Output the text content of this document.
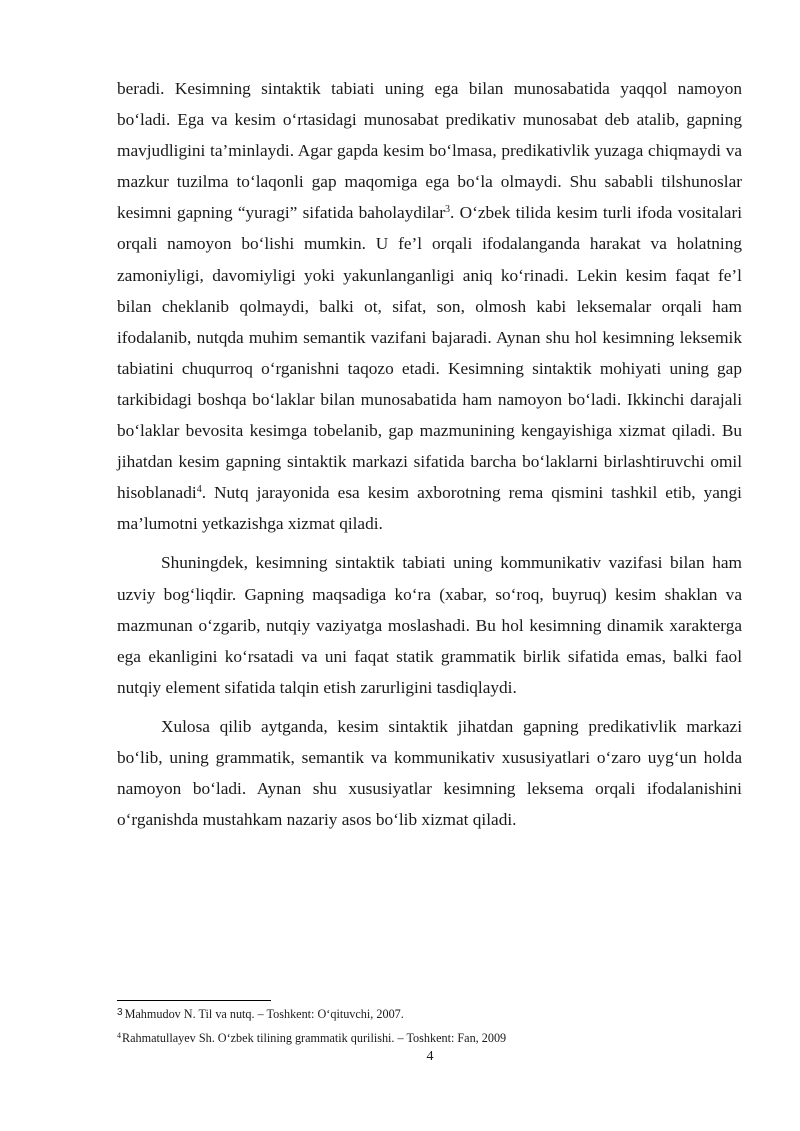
beradi. Kesimning sintaktik tabiati uning ega bilan munosabatida yaqqol namoyon bo‘ladi. Ega va kesim o‘rtasidagi munosabat predikativ munosabat deb atalib, gapning mavjudligini ta’minlaydi. Agar gapda kesim bo‘lmasa, predikativlik yuzaga chiqmaydi va mazkur tuzilma to‘laqonli gap maqomiga ega bo‘la olmaydi. Shu sababli tilshunoslar kesimni gapning “yuragi” sifatida baholaydilar$^3$. O‘zbek tilida kesim turli ifoda vositalari orqali namoyon bo‘lishi mumkin. U fe’l orqali ifodalanganda harakat va holatning zamoniyligi, davomiyligi yoki yakunlanganligi aniq ko‘rinadi. Lekin kesim faqat fe’l bilan cheklanib qolmaydi, balki ot, sifat, son, olmosh kabi leksemalar orqali ham ifodalanib, nutqda muhim semantik vazifani bajaradi. Aynan shu hol kesimning leksemik tabiatini chuqurroq o‘rganishni taqozo etadi. Kesimning sintaktik mohiyati uning gap tarkibidagi boshqa bo‘laklar bilan munosabatida ham namoyon bo‘ladi. Ikkinchi darajali bo‘laklar bevosita kesimga tobelanib, gap mazmunining kengayishiga xizmat qiladi. Bu jihatdan kesim gapning sintaktik markazi sifatida barcha bo‘laklarni birlashtiruvchi omil hisoblanadi$^4$. Nutq jarayonida esa kesim axborotning rema qismini tashkil etib, yangi ma’lumotni yetkazishga xizmat qiladi.

Shuningdek, kesimning sintaktik tabiati uning kommunikativ vazifasi bilan ham uzviy bog‘liqdir. Gapning maqsadiga ko‘ra (xabar, so‘roq, buyruq) kesim shaklan va mazmunan o‘zgarib, nutqiy vaziyatga moslashadi. Bu hol kesimning dinamik xarakterga ega ekanligini ko‘rsatadi va uni faqat statik grammatik birlik sifatida emas, balki faol nutqiy element sifatida talqin etish zarurligini tasdiqlaydi.

Xulosa qilib aytganda, kesim sintaktik jihatdan gapning predikativlik markazi bo‘lib, uning grammatik, semantik va kommunikativ xususiyatlari o‘zaro uyg‘un holda namoyon bo‘ladi. Aynan shu xususiyatlar kesimning leksema orqali ifodalanishini o‘rganishda mustahkam nazariy asos bo‘lib xizmat qiladi.

$^3$ Mahmudov N. Til va nutq. – Toshkent: O‘qituvchi, 2007.
$^4$Rahmatullayev Sh. O‘zbek tilining grammatik qurilishi. – Toshkent: Fan, 2009
4
